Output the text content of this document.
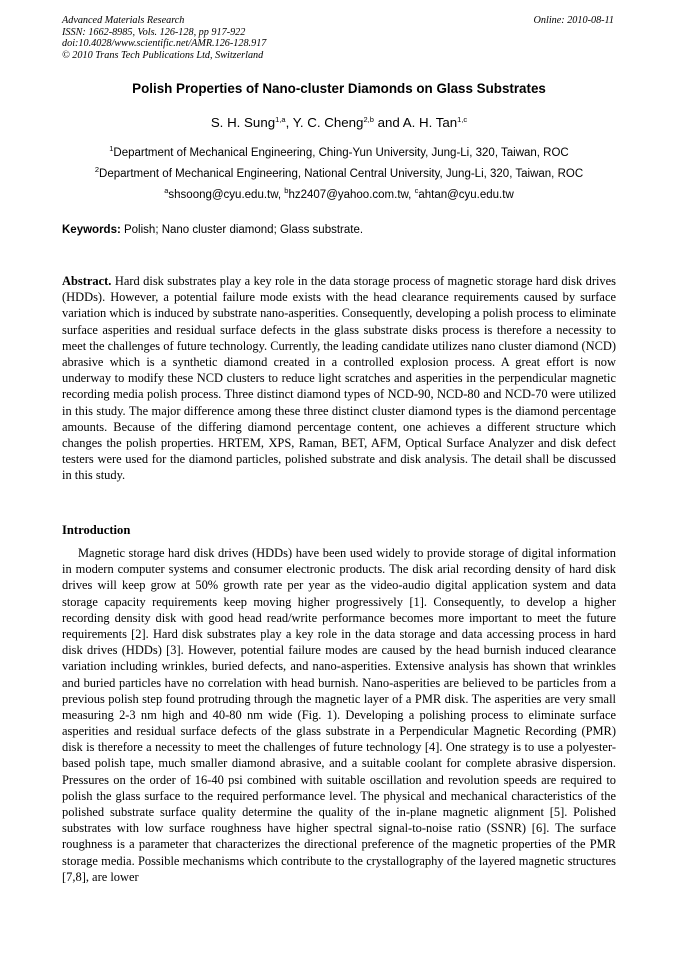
Advanced Materials Research
ISSN: 1662-8985, Vols. 126-128, pp 917-922
doi:10.4028/www.scientific.net/AMR.126-128.917
© 2010 Trans Tech Publications Ltd, Switzerland
Online: 2010-08-11
Polish Properties of Nano-cluster Diamonds on Glass Substrates
S. H. Sung$^{1,a}$, Y. C. Cheng$^{2,b}$ and A. H. Tan$^{1,c}$
$^1$Department of Mechanical Engineering, Ching-Yun University, Jung-Li, 320, Taiwan, ROC
$^2$Department of Mechanical Engineering, National Central University, Jung-Li, 320, Taiwan, ROC
$^a$shsoong@cyu.edu.tw, $^b$hz2407@yahoo.com.tw, $^c$ahtan@cyu.edu.tw
Keywords: Polish; Nano cluster diamond; Glass substrate.
Abstract. Hard disk substrates play a key role in the data storage process of magnetic storage hard disk drives (HDDs). However, a potential failure mode exists with the head clearance requirements caused by surface variation which is induced by substrate nano-asperities. Consequently, developing a polish process to eliminate surface asperities and residual surface defects in the glass substrate disks process is therefore a necessity to meet the challenges of future technology. Currently, the leading candidate utilizes nano cluster diamond (NCD) abrasive which is a synthetic diamond created in a controlled explosion process. A great effort is now underway to modify these NCD clusters to reduce light scratches and asperities in the perpendicular magnetic recording media polish process. Three distinct diamond types of NCD-90, NCD-80 and NCD-70 were utilized in this study. The major difference among these three distinct cluster diamond types is the diamond percentage amounts. Because of the differing diamond percentage content, one achieves a different structure which changes the polish properties. HRTEM, XPS, Raman, BET, AFM, Optical Surface Analyzer and disk defect testers were used for the diamond particles, polished substrate and disk analysis. The detail shall be discussed in this study.
Introduction
Magnetic storage hard disk drives (HDDs) have been used widely to provide storage of digital information in modern computer systems and consumer electronic products. The disk arial recording density of hard disk drives will keep grow at 50% growth rate per year as the video-audio digital application system and data storage capacity requirements keep moving higher progressively [1]. Consequently, to develop a higher recording density disk with good head read/write performance becomes more important to meet the future requirements [2]. Hard disk substrates play a key role in the data storage and data accessing process in hard disk drives (HDDs) [3]. However, potential failure modes are caused by the head burnish induced clearance variation including wrinkles, buried defects, and nano-asperities. Extensive analysis has shown that wrinkles and buried particles have no correlation with head burnish. Nano-asperities are believed to be particles from a previous polish step found protruding through the magnetic layer of a PMR disk. The asperities are very small measuring 2-3 nm high and 40-80 nm wide (Fig. 1). Developing a polishing process to eliminate surface asperities and residual surface defects of the glass substrate in a Perpendicular Magnetic Recording (PMR) disk is therefore a necessity to meet the challenges of future technology [4]. One strategy is to use a polyester-based polish tape, much smaller diamond abrasive, and a suitable coolant for complete abrasive dispersion. Pressures on the order of 16-40 psi combined with suitable oscillation and revolution speeds are required to polish the glass surface to the required performance level. The physical and mechanical characteristics of the polished substrate surface quality determine the quality of the in-plane magnetic alignment [5]. Polished substrates with low surface roughness have higher spectral signal-to-noise ratio (SSNR) [6]. The surface roughness is a parameter that characterizes the directional preference of the magnetic properties of the PMR storage media. Possible mechanisms which contribute to the crystallography of the layered magnetic structures [7,8], are lower
